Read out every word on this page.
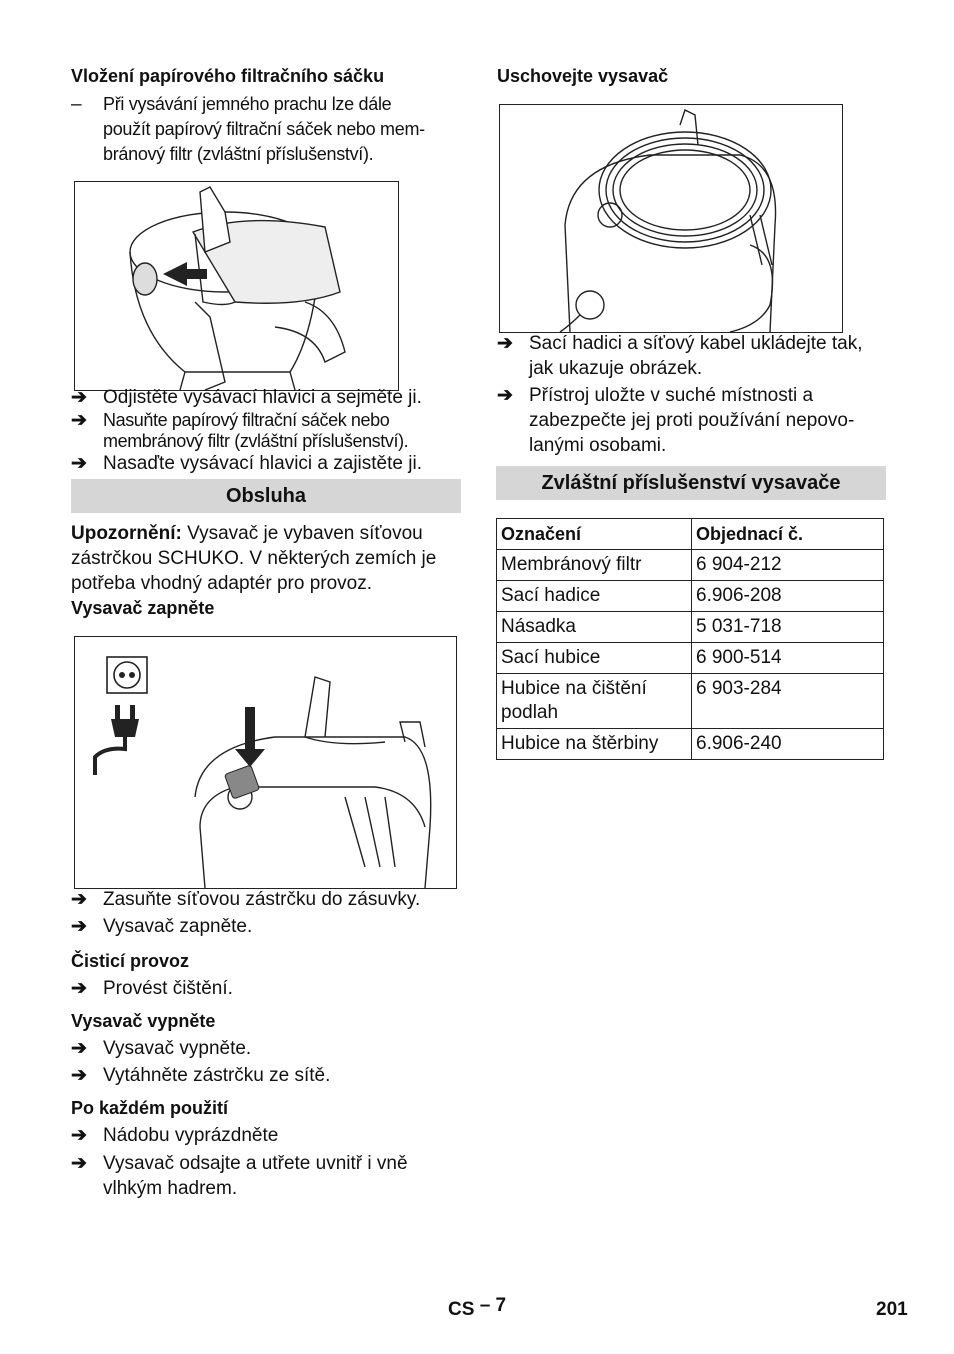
Vložení papírového filtračního sáčku
– Při vysávání jemného prachu lze dále
použít papírový filtrační sáček nebo mem-
bránový filtr (zvláštní příslušenství).
➔ Odjistěte vysávací hlavici a sejměte ji.
➔ Nasuňte papírový filtrační sáček nebo
membránový filtr (zvláštní příslušenství).
➔ Nasaďte vysávací hlavici a zajistěte ji.
Obsluha
Upozornění: Vysavač je vybaven síťovou
zástrčkou SCHUKO. V některých zemích je
potřeba vhodný adaptér pro provoz.
Vysavač zapněte
➔ Zasuňte síťovou zástrčku do zásuvky.
➔ Vysavač zapněte.
Čisticí provoz
➔ Provést čištění.
Vysavač vypněte
➔ Vysavač vypněte.
➔ Vytáhněte zástrčku ze sítě.
Po každém použití
➔ Nádobu vyprázdněte
➔ Vysavač odsajte a utřete uvnitř i vně
vlhkým hadrem.
Uschovejte vysavač
➔ Sací hadici a síťový kabel ukládejte tak,
jak ukazuje obrázek.
➔ Přístroj uložte v suché místnosti a
zabezpečte jej proti používání nepovo-
lanými osobami.
Zvláštní příslušenství vysavače
Označení	Objednací č.
Membránový filtr	6 904-212
Sací hadice	6.906-208
Násadka	5 031-718
Sací hubice	6 900-514
Hubice na čištění podlah	6 903-284
Hubice na štěrbiny	6.906-240
CS – 7	201
